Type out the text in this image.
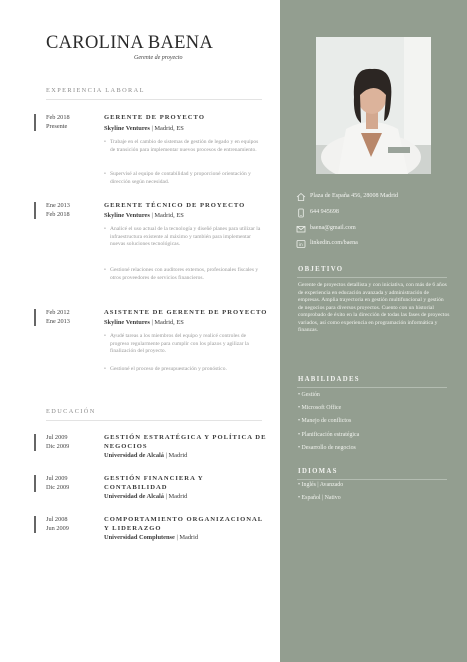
CAROLINA BAENA
Gerente de proyecto
EXPERIENCIA LABORAL
Feb 2018
Presente
GERENTE DE PROYECTO
Skyline Ventures | Madrid, ES
• Trabaje en el cambio de sistemas de gestión de legado y en equipos de transición para implementar nuevos procesos de entrenamiento.
• Supervisé al equipo de contabilidad y proporcioné orientación y dirección según necesidad.
Ene 2013
Feb 2018
GERENTE TÉCNICO DE PROYECTO
Skyline Ventures | Madrid, ES
• Analicé el uso actual de la tecnología y diseñé planes para utilizar la infraestructura existente al máximo y también para implementar nuevas soluciones tecnológicas.
• Gestioné relaciones con auditores externos, profesionales fiscales y otros proveedores de servicios financieros.
Feb 2012
Ene 2013
ASISTENTE DE GERENTE DE PROYECTO
Skyline Ventures | Madrid, ES
• Ayudé tareas a los miembros del equipo y realicé controles de progreso regularmente para cumplir con los plazos y agilizar la finalización del proyecto.
• Gestioné el proceso de presupuestación y pronóstico.
EDUCACIÓN
Jul 2009
Dic 2009
GESTIÓN ESTRATÉGICA Y POLÍTICA DE NEGOCIOS
Universidad de Alcalá | Madrid
Jul 2009
Dic 2009
GESTIÓN FINANCIERA Y CONTABILIDAD
Universidad de Alcalá | Madrid
Jul 2008
Jun 2009
COMPORTAMIENTO ORGANIZACIONAL Y LIDERAZGO
Universidad Complutense | Madrid
Plaza de España 456, 28008 Madrid
644 945698
baena@gmail.com
in linkedin.com/baena
OBJETIVO
Gerente de proyectos detallista y con iniciativa, con más de 6 años de experiencia en educación avanzada y administración de empresas. Amplia trayectoria en gestión multifuncional y gestión de negocios para diversos proyectos. Cuento con un historial comprobado de éxito en la dirección de todas las fases de proyectos variados, así como experiencia en programación informática y finanzas.
HABILIDADES
• Gestión
• Microsoft Office
• Manejo de conflictos
• Planificación estratégica
• Desarrollo de negocios
IDIOMAS
• Inglés | Avanzado
• Español | Nativo
